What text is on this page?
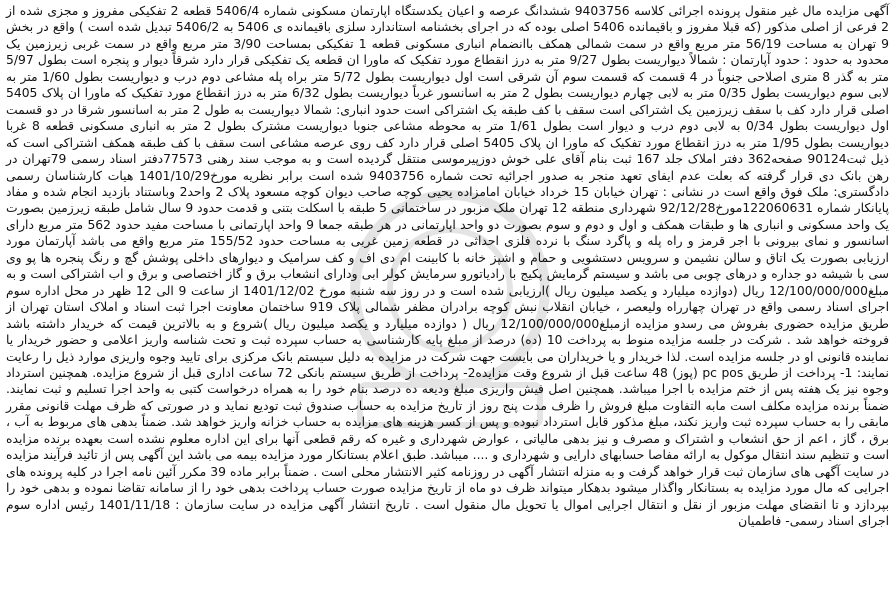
آگهی مزایده مال غیر منقول پرونده اجرائی کلاسه 9403756 ششدانگ عرصه و اعیان یکدستگاه اپارتمان مسکونی شماره 5406/4 قطعه 2 تفکیکی مفروز و مجزی شده از 2 فرعی از اصلی مذکور (که قبلا مفروز و باقیمانده 5406 اصلی بوده که در اجرای بخشنامه استاندارد سلزی باقیمانده ی 5406 به 5406/2 تبدیل شده است ) واقع در بخش 9 تهران به مساحت 56/19 متر مربع واقع در سمت شمالی همکف باانضمام انباری مسکونی قطعه 1 تفکیکی بمساحت 3/90 متر مربع واقع در سمت غربی زیرزمین یک محدود به حدود : حدود آپارتمان : شمالاً دیواریست بطول 9/27 متر به درز انقطاع مورد تفکیک که ماورا ان قطعه یک تفکیکی قرار دارد شرقاً دیوار و پنجره است بطول 5/97 متر به گذر 8 متری اصلاحی جنوباً در 4 قسمت که قسمت سوم آن شرقی است اول دیواریست بطول 5/72 متر براه پله مشاعی دوم درب و دیواریست بطول 1/60 متر به لابی سوم دیواریست بطول 0/35 متر به لابی چهارم دیواریست بطول 2 متر به اسانسور غرباً دیواریست بطول 6/32 متر به درز انقطاع مورد تفکیک که ماورا ان پلاک 5405 اصلی قرار دارد کف با سقف زیرزمین یک اشتراکی است سقف با کف طبقه یک اشتراکی است حدود انباری: شمالا دیواریست به طول 2 متر به اسانسور شرقا در دو قسمت اول دیواریست بطول 0/34 به لابی دوم درب و دیوار است بطول 1/61 متر به محوطه مشاعی جنوبا دیواریست مشترک بطول 2 متر به انباری مسکونی قطعه 8 غربا دیواریست بطول 1/95 متر به درز انقطاع مورد تفکیک که ماورا ان پلاک 5405 اصلی قرار دارد کف روی عرصه مشاعی است سقف با کف طبقه همکف اشتراکی است که ذیل ثبت90124 صفحه362 دفتر املاک جلد 167 ثبت بنام آقای علی خوش دوزپیرموسی منتقل گردیده است و به موجب سند رهنی 77573دفتر اسناد رسمی 79تهران در رهن بانک دی قرار گرفته که بعلت عدم ایفای تعهد منجر به صدور اجرائیه تحت شماره 9403756 شده است برابر نظریه مورخ1401/10/29 هیات کارشناسان رسمی دادگستری: ملک فوق واقع است در نشانی : تهران خیابان 15 خرداد خیابان امامزاده یحیی کوچه صاحب دیوان کوچه مسعود پلاک 2 واحد2 وباستناد بازدید انجام شده و مفاد پایانکار شماره 122060631مورخ92/12/28 شهرداری منطقه 12 تهران ملک مزبور در ساختمانی 5 طبقه با اسکلت بتنی و قدمت حدود 9 سال شامل طبقه زیرزمین بصورت یک واحد مسکونی و انباری ها و طبقات همکف و اول و دوم و سوم بصورت دو واحد اپارتمانی در هر طبقه جمعا 9 واحد اپارتمانی با مساحت مفید حدود 562 متر مربع دارای اسانسور و نمای بیرونی با اجر قرمز و راه پله و پاگرد سنگ با نرده فلزی احداثی در قطعه زمین غربی به مساحت حدود 155/52 متر مربع واقع می باشد آپارتمان مورد ارزیابی بصورت یک اتاق و سالن نشیمن و سرویس دستشویی و حمام و اشپز خانه با کابینت ام دی اف و کف سرامیک و دیوارهای داخلی پوشش گچ و رنگ پنجره ها پو وی سی با شیشه دو جداره و درهای چوبی می باشد و سیستم گرمایش پکیج با رادیاتورو سرمایش کولر ابی ودارای انشعاب برق و گاز اختصاصی و برق و اب اشتراکی است و به مبلغ12/100/000/000 ریال (دوازده میلیارد و یکصد میلیون ریال )ارزیابی شده است و در روز سه شنبه مورخ 1401/12/02 از ساعت 9 الی 12 ظهر در محل اداره سوم اجرای اسناد رسمی واقع در تهران چهارراه ولیعصر ، خیابان انقلاب نبش کوچه برادران مظفر شمالی پلاک 919 ساختمان معاونت اجرا ثبت اسناد و املاک استان تهران از طریق مزایده حضوری بفروش می رسدو مزایده ازمبلغ12/100/000/000 ریال ( دوازده میلیارد و یکصد میلیون ریال )شروع و به بالاترین قیمت که خریدار داشته باشد فروخته خواهد شد . شرکت در جلسه مزایده منوط به پرداخت 10 (ده) درصد از مبلغ پایه کارشناسی به حساب سپرده ثبت و تحت شناسه واریز اعلامی و حضور خریدار یا نماینده قانونی او در جلسه مزایده است. لذا خریدار و یا خریداران می بایست جهت شرکت در مزایده به دلیل سیستم بانک مرکزی برای تایید وجوه واریزی موارد ذیل را رعایت نمایند: 1- پرداخت از طریق pc pos (پوز) 48 ساعت قبل از شروع وقت مزایده2- پرداخت از طریق سیستم بانکی 72 ساعت اداری قبل از شروع مزایده. همچنین استرداد وجوه نیز یک هفته پس از ختم مزایده با اجرا میباشد. همچنین اصل فیش واریزی مبلغ ودیعه ده درصد بنام خود را به همراه درخواست کتبی به واحد اجرا تسلیم و ثبت نمایند. ضمناً برنده مزایده مکلف است مابه التفاوت مبلغ فروش را ظرف مدت پنج روز از تاریخ مزایده به حساب صندوق ثبت تودیع نماید و در صورتی که ظرف مهلت قانونی مقرر مابقی را به حساب سپرده ثبت واریز نکند، مبلغ مذکور قابل استرداد نبوده و پس از کسر هزینه های مزایده به حساب خزانه واریز خواهد شد. ضمناً بدهی های مربوط به آب ، برق ، گاز ، اعم از حق انشعاب و اشتراک و مصرف و نیز بدهی مالیاتی ، عوارض شهرداری و غیره که رقم قطعی آنها برای این اداره معلوم نشده است بعهده برنده مزایده است و تنظیم سند انتقال موکول به ارائه مفاصا حسابهای دارایی و شهرداری و .... میباشد. طبق اعلام بستانکار مورد مزایده بیمه می باشد این آگهی پس از تائید فرآیند مزایده در سایت آگهی های سازمان ثبت قرار خواهد گرفت و به منزله انتشار آگهی در روزنامه کثیر الانتشار محلی است . ضمناً برابر ماده 39 مکرر آئین نامه اجرا در کلیه پرونده های اجرایی که مال مورد مزایده به بستانکار واگذار میشود بدهکار میتواند ظرف دو ماه از تاریخ مزایده صورت حساب پرداخت بدهی خود را از سامانه تقاضا نموده و بدهی خود را بپردازد و تا انقضای مهلت مزبور از نقل و انتقال اجرایی اموال یا تحویل مال منقول است . تاریخ انتشار آگهی مزایده در سایت سازمان : 1401/11/18 رئیس اداره سوم اجرای اسناد رسمی- فاطمیان
